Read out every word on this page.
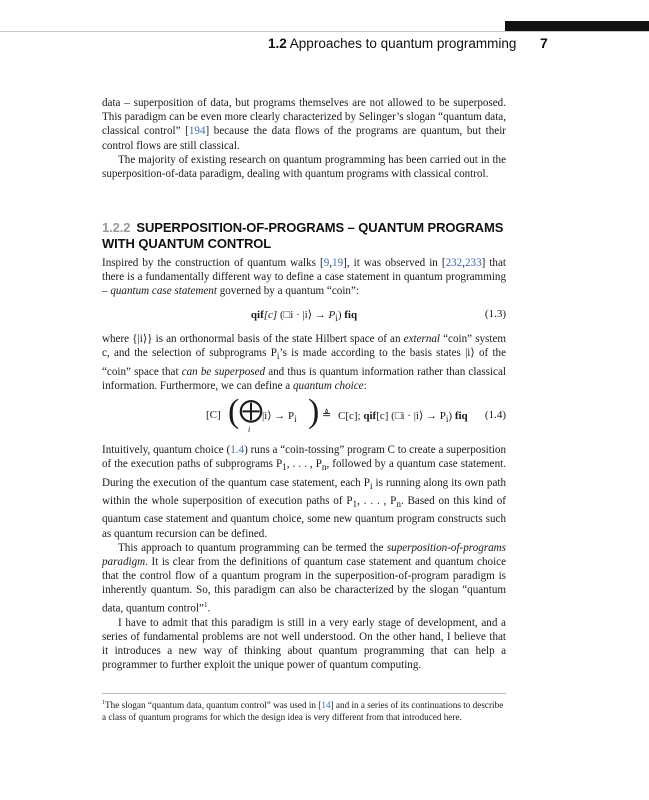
1.2 Approaches to quantum programming 7

data – superposition of data, but programs themselves are not allowed to be superposed. This paradigm can be even more clearly characterized by Selinger’s slogan “quantum data, classical control” [194] because the data flows of the programs are quantum, but their control flows are still classical.

The majority of existing research on quantum programming has been carried out in the superposition-of-data paradigm, dealing with quantum programs with classical control.

1.2.2 SUPERPOSITION-OF-PROGRAMS – QUANTUM PROGRAMS WITH QUANTUM CONTROL

Inspired by the construction of quantum walks [9,19], it was observed in [232,233] that there is a fundamentally different way to define a case statement in quantum programming – quantum case statement governed by a quantum “coin”:

qif[c] (□i · |i⟩ → $P_i$) fiq	(1.3)

where {|i⟩} is an orthonormal basis of the state Hilbert space of an external “coin” system c, and the selection of subprograms $P_i’s$ is made according to the basis states |i⟩ of the “coin” space that can be superposed and thus is quantum information rather than classical information. Furthermore, we can define a quantum choice:

[C] ( ⨁
i
|i⟩ → $P_i$ ) ≜ C[c]; qif[c] (□i · |i⟩ → $P_i$) fiq (1.4)

Intuitively, quantum choice (1.4) runs a “coin-tossing” program C to create a superposition of the execution paths of subprograms $P_1$, . . . , $P_n$, followed by a quantum case statement. During the execution of the quantum case statement, each $P_i$ is running along its own path within the whole superposition of execution paths of $P_1$, . . . , $P_n$. Based on this kind of quantum case statement and quantum choice, some new quantum program constructs such as quantum recursion can be defined.

This approach to quantum programming can be termed the superposition-of-programs paradigm. It is clear from the definitions of quantum case statement and quantum choice that the control flow of a quantum program in the superposition-of-program paradigm is inherently quantum. So, this paradigm can also be characterized by the slogan “quantum data, quantum control”$^1$.

I have to admit that this paradigm is still in a very early stage of development, and a series of fundamental problems are not well understood. On the other hand, I believe that it introduces a new way of thinking about quantum programming that can help a programmer to further exploit the unique power of quantum computing.

$^1$The slogan “quantum data, quantum control” was used in [14] and in a series of its continuations to describe a class of quantum programs for which the design idea is very different from that introduced here.
